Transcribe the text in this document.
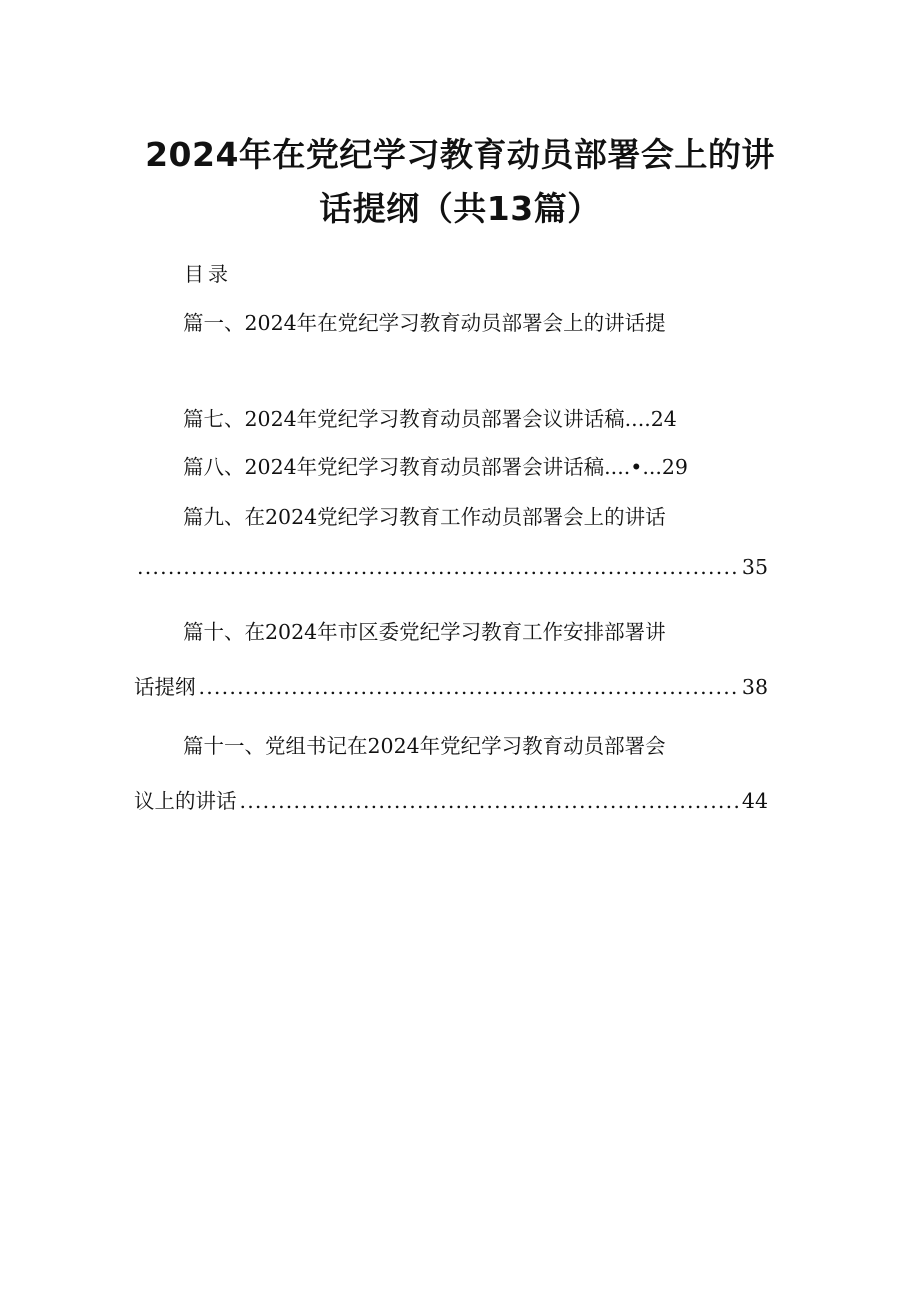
2024年在党纪学习教育动员部署会上的讲
话提纲（共13篇）
目录
篇一、2024年在党纪学习教育动员部署会上的讲话提
篇七、2024年党纪学习教育动员部署会议讲话稿....24
篇八、2024年党纪学习教育动员部署会讲话稿....•...29
篇九、在2024党纪学习教育工作动员部署会上的讲话
.....
35
篇十、在2024年市区委党纪学习教育工作安排部署讲
话提纲 .....	38
篇十一、党组书记在2024年党纪学习教育动员部署会
议上的讲话 .....	44
